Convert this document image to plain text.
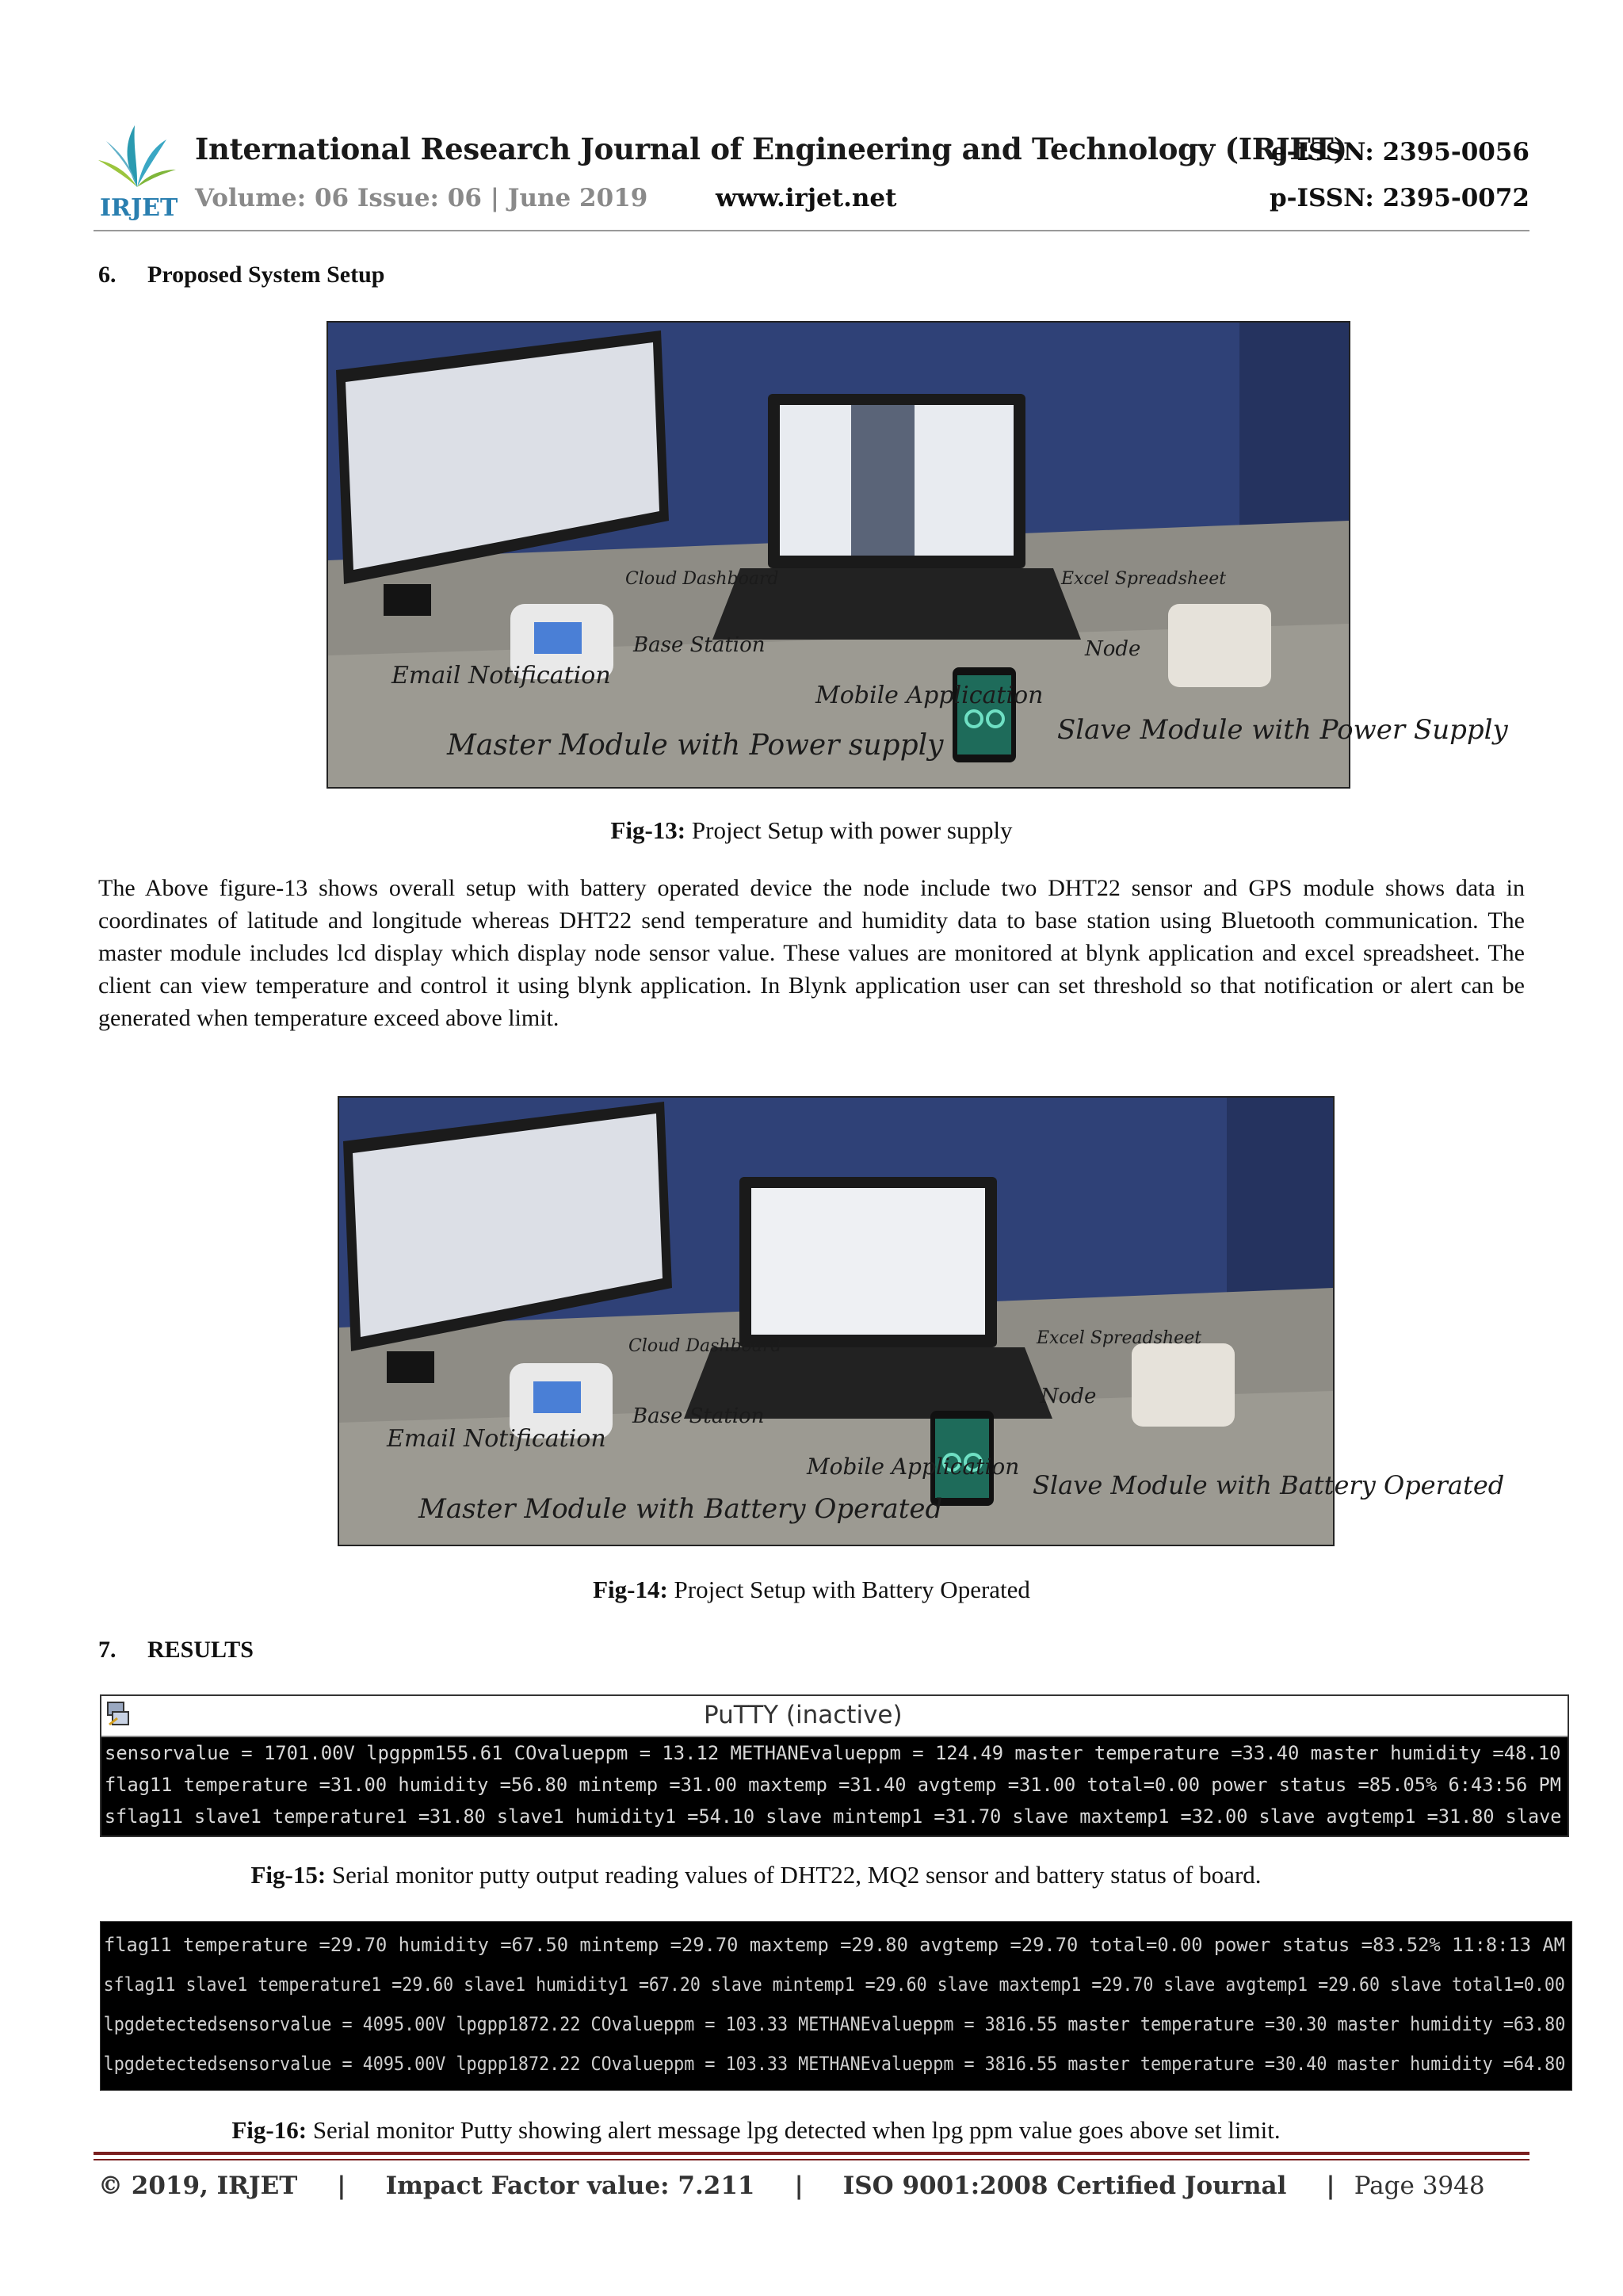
IRJET
International Research Journal of Engineering and Technology (IRJET)
e-ISSN: 2395-0056
Volume: 06 Issue: 06 | June 2019	www.irjet.net	p-ISSN: 2395-0072
6. Proposed System Setup
Email Notification
Excel Spreadsheet
Base Station	Node
Master Module with Power supply
Mobile Application
Slave Module with Power Supply
Cloud Dashboard
Fig-13: Project Setup with power supply
The Above figure-13 shows overall setup with battery operated device the node include two DHT22 sensor and GPS module shows data in coordinates of latitude and longitude whereas DHT22 send temperature and humidity data to base station using Bluetooth communication. The master module includes lcd display which display node sensor value. These values are monitored at blynk application and excel spreadsheet. The client can view temperature and control it using blynk application. In Blynk application user can set threshold so that notification or alert can be generated when temperature exceed above limit.
Email Notification
Excel Spreadsheet
Base Station
Node
Master Module with Battery Operated
Mobile Application
Slave Module with Battery Operated
Cloud Dashboard
Fig-14: Project Setup with Battery Operated
7. RESULTS
PuTTY (inactive)
sensorvalue = 1701.00V lpgppm155.61 COvalueppm = 13.12 METHANEvalueppm = 124.49 master temperature =33.40 master humidity =48.10
flag11 temperature =31.00 humidity =56.80 mintemp =31.00 maxtemp =31.40 avgtemp =31.00 total=0.00 power status =85.05% 6:43:56 PM
sflag11 slave1 temperature1 =31.80 slave1 humidity1 =54.10 slave mintemp1 =31.70 slave maxtemp1 =32.00 slave avgtemp1 =31.80 slave
Fig-15: Serial monitor putty output reading values of DHT22, MQ2 sensor and battery status of board.
flag11 temperature =29.70 humidity =67.50 mintemp =29.70 maxtemp =29.80 avgtemp =29.70 total=0.00 power status =83.52% 11:8:13 AM
sflag11 slave1 temperature1 =29.60 slave1 humidity1 =67.20 slave mintemp1 =29.60 slave maxtemp1 =29.70 slave avgtemp1 =29.60 slave total1=0.00
lpgdetectedsensorvalue = 4095.00V lpgpp1872.22 COvalueppm = 103.33 METHANEvalueppm = 3816.55 master temperature =30.30 master humidity =63.80
lpgdetectedsensorvalue = 4095.00V lpgpp1872.22 COvalueppm = 103.33 METHANEvalueppm = 3816.55 master temperature =30.40 master humidity =64.80
Fig-16: Serial monitor Putty showing alert message lpg detected when lpg ppm value goes above set limit.
© 2019, IRJET | Impact Factor value: 7.211 | ISO 9001:2008 Certified Journal | Page 3948
